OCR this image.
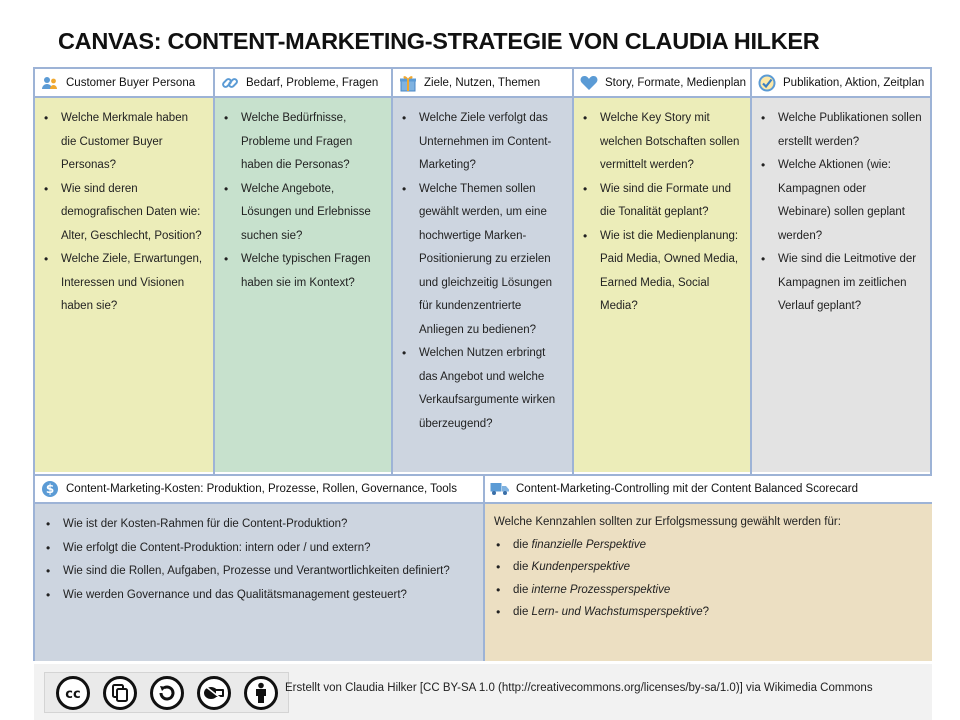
CANVAS: CONTENT-MARKETING-STRATEGIE VON CLAUDIA HILKER
Customer Buyer Persona
• Welche Merkmale haben die Customer Buyer Personas?
• Wie sind deren demografischen Daten wie: Alter, Geschlecht, Position?
• Welche Ziele, Erwartungen, Interessen und Visionen haben sie?
Bedarf, Probleme, Fragen
• Welche Bedürfnisse, Probleme und Fragen haben die Personas?
• Welche Angebote, Lösungen und Erlebnisse suchen sie?
• Welche typischen Fragen haben sie im Kontext?
Ziele, Nutzen, Themen
• Welche Ziele verfolgt das Unternehmen im Content-Marketing?
• Welche Themen sollen gewählt werden, um eine hochwertige Marken-Positionierung zu erzielen und gleichzeitig Lösungen für kundenzentrierte Anliegen zu bedienen?
• Welchen Nutzen erbringt das Angebot und welche Verkaufsargumente wirken überzeugend?
Story, Formate, Medienplan
• Welche Key Story mit welchen Botschaften sollen vermittelt werden?
• Wie sind die Formate und die Tonalität geplant?
• Wie ist die Medienplanung: Paid Media, Owned Media, Earned Media, Social Media?
Publikation, Aktion, Zeitplan
• Welche Publikationen sollen erstellt werden?
• Welche Aktionen (wie: Kampagnen oder Webinare) sollen geplant werden?
• Wie sind die Leitmotive der Kampagnen im zeitlichen Verlauf geplant?
$ Content-Marketing-Kosten: Produktion, Prozesse, Rollen, Governance, Tools
• Wie ist der Kosten-Rahmen für die Content-Produktion?
• Wie erfolgt die Content-Produktion: intern oder / und extern?
• Wie sind die Rollen, Aufgaben, Prozesse und Verantwortlichkeiten definiert?
• Wie werden Governance und das Qualitätsmanagement gesteuert?
Content-Marketing-Controlling mit der Content Balanced Scorecard
Welche Kennzahlen sollten zur Erfolgsmessung gewählt werden für:
• die finanzielle Perspektive
• die Kundenperspektive
• die interne Prozessperspektive
• die Lern- und Wachstumsperspektive?
cc	Erstellt von Claudia Hilker [CC BY-SA 1.0 (http://creativecommons.org/licenses/by-sa/1.0)] via Wikimedia Commons
